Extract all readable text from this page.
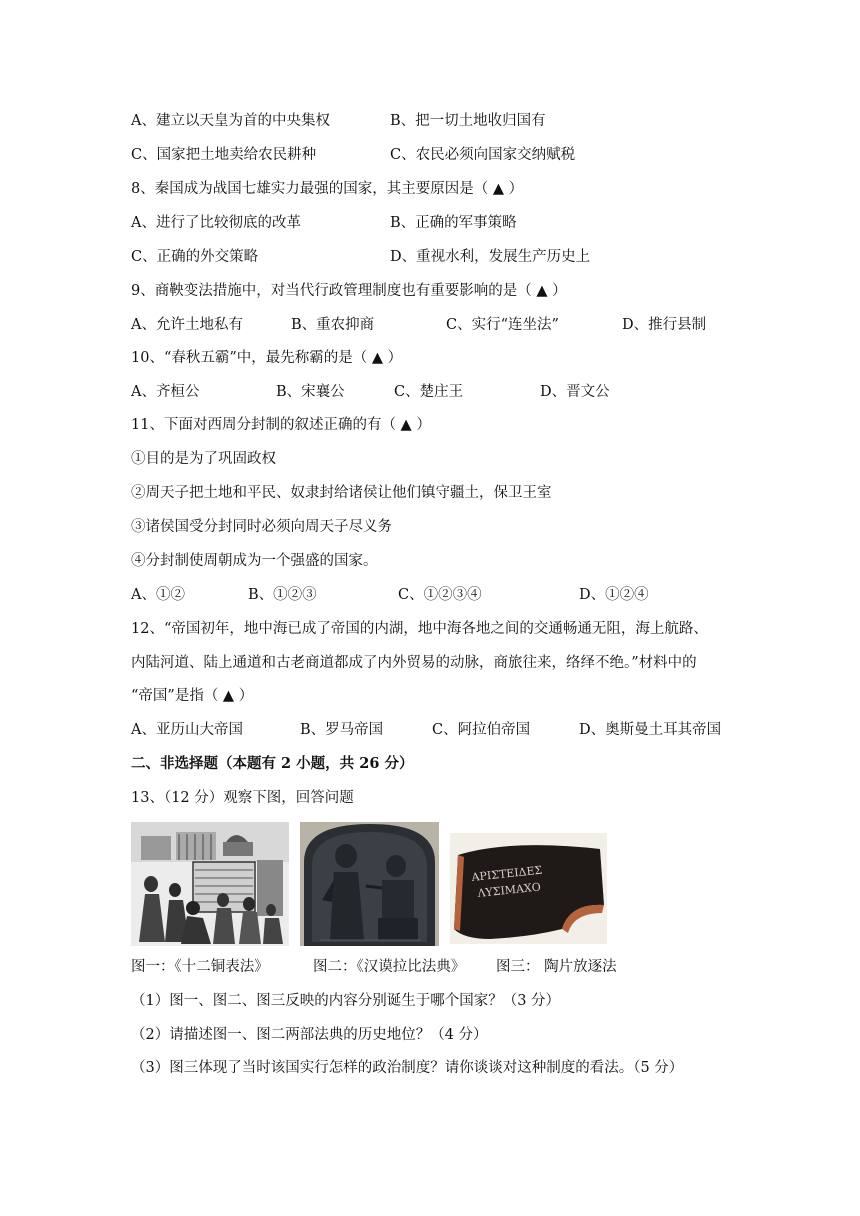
A、建立以天皇为首的中央集权	B、把一切土地收归国有
C、国家把土地卖给农民耕种	C、农民必须向国家交纳赋税
8、秦国成为战国七雄实力最强的国家，其主要原因是（ ▲ ）
A、进行了比较彻底的改革	B、正确的军事策略
C、正确的外交策略	D、重视水利，发展生产历史上
9、商鞅变法措施中，对当代行政管理制度也有重要影响的是（ ▲ ）
A、允许土地私有	B、重农抑商	C、实行“连坐法”	D、推行县制
10、“春秋五霸”中，最先称霸的是（ ▲ ）
A、齐桓公	B、宋襄公	C、楚庄王	D、晋文公
11、下面对西周分封制的叙述正确的有（ ▲ ）
①目的是为了巩固政权
②周天子把土地和平民、奴隶封给诸侯让他们镇守疆土，保卫王室
③诸侯国受分封同时必须向周天子尽义务
④分封制使周朝成为一个强盛的国家。
A、①②	B、①②③	C、①②③④	D、①②④
12、“帝国初年，地中海已成了帝国的内湖，地中海各地之间的交通畅通无阻，海上航路、
内陆河道、陆上通道和古老商道都成了内外贸易的动脉，商旅往来，络绎不绝。”材料中的
“帝国”是指（ ▲ ）
A、亚历山大帝国	B、罗马帝国	C、阿拉伯帝国	D、奥斯曼土耳其帝国
二、非选择题（本题有 2 小题，共 26 分）
13、（12 分）观察下图，回答问题
ΑΡΙΣΤΕΙΔΕΣ
ΛΥΣΙΜΑΧΟ
图一：《十二铜表法》	图二：《汉谟拉比法典》 图三： 陶片放逐法
（1）图一、图二、图三反映的内容分别诞生于哪个国家？（3 分）
（2）请描述图一、图二两部法典的历史地位？（4 分）
（3）图三体现了当时该国实行怎样的政治制度？请你谈谈对这种制度的看法。（5 分）
